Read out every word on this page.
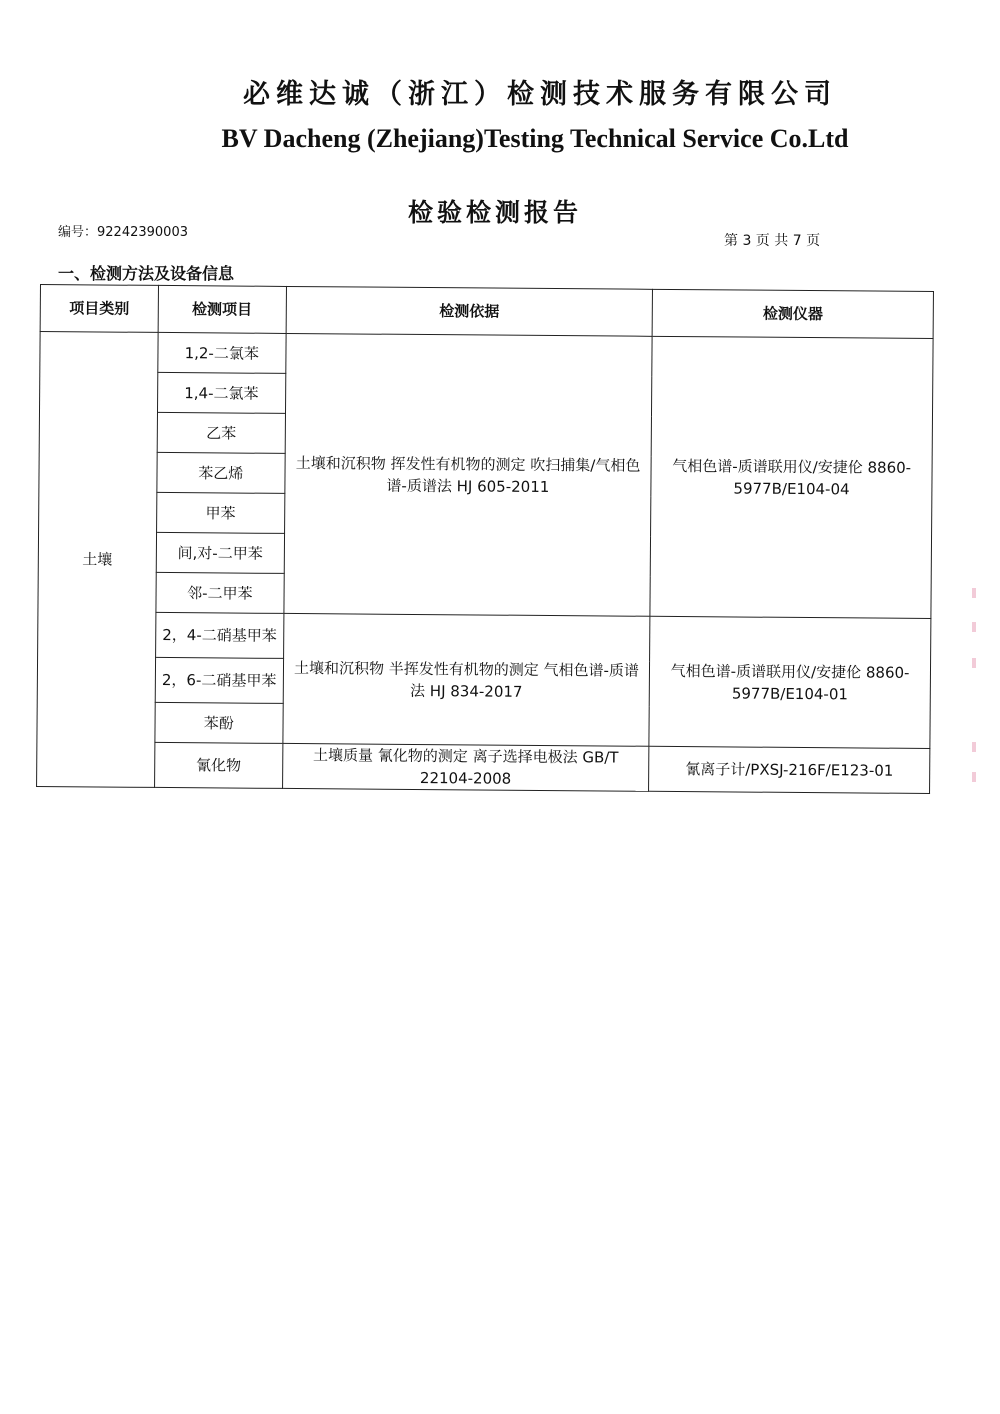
必维达诚（浙江）检测技术服务有限公司
BV Dacheng (Zhejiang)Testing Technical Service Co.Ltd
检验检测报告
编号：92242390003
第 3 页 共 7 页
一、检测方法及设备信息
项目类别	检测项目	检测依据	检测仪器
土壤	1,2-二氯苯	土壤和沉积物 挥发性有机物的测定 吹扫捕集/气相色谱-质谱法 HJ 605-2011	气相色谱-质谱联用仪/安捷伦 8860-5977B/E104-04
	1,4-二氯苯		
	乙苯		
	苯乙烯		
	甲苯		
	间,对-二甲苯		
	邻-二甲苯		
	2，4-二硝基甲苯	土壤和沉积物 半挥发性有机物的测定 气相色谱-质谱法 HJ 834-2017	气相色谱-质谱联用仪/安捷伦 8860-5977B/E104-01
	2，6-二硝基甲苯		
	苯酚		
	氰化物	土壤质量 氰化物的测定 离子选择电极法 GB/T 22104-2008	氰离子计/PXSJ-216F/E123-01
